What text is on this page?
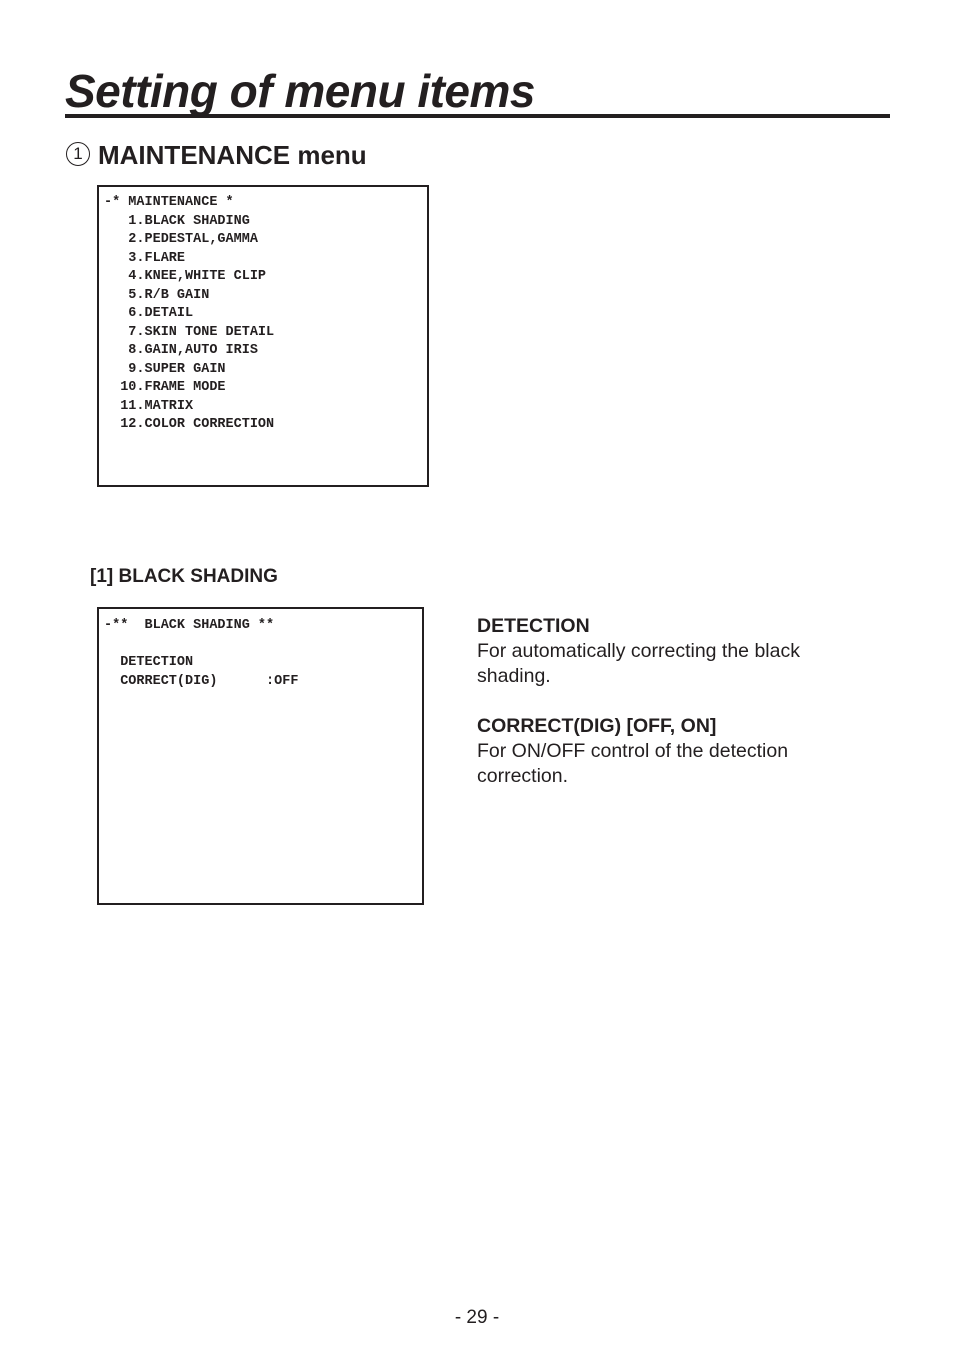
Setting of menu items
1 MAINTENANCE menu
-* MAINTENANCE *
1.BLACK SHADING
2.PEDESTAL,GAMMA
3.FLARE
4.KNEE,WHITE CLIP
5.R/B GAIN
6.DETAIL
7.SKIN TONE DETAIL
8.GAIN,AUTO IRIS
9.SUPER GAIN
10.FRAME MODE
11.MATRIX
12.COLOR CORRECTION
[1] BLACK SHADING
-**  BLACK SHADING **
DETECTION
CORRECT(DIG)      :OFF
DETECTION
For automatically correcting the black shading.
CORRECT(DIG) [OFF, ON]
For ON/OFF control of the detection correction.
- 29 -
